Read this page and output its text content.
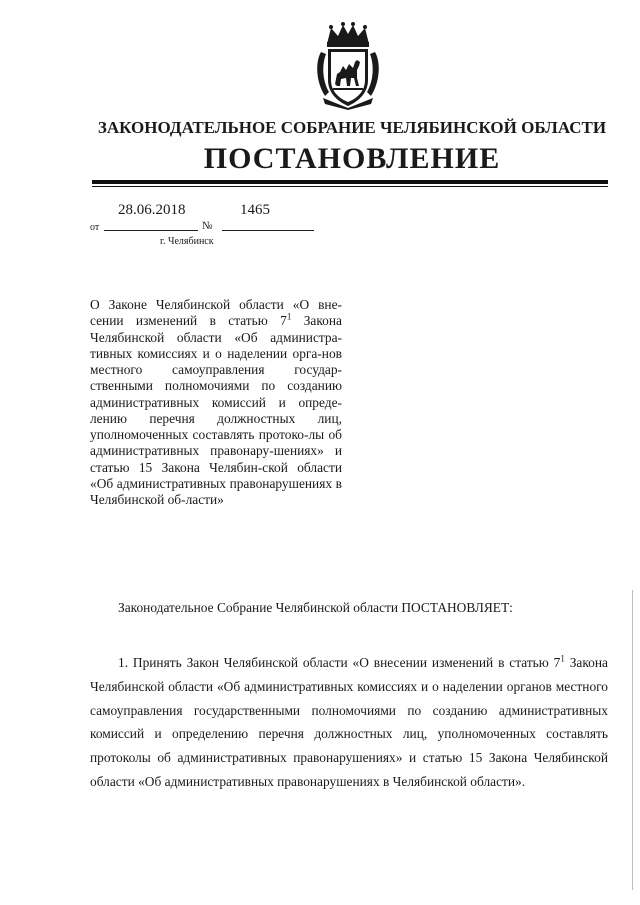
ЗАКОНОДАТЕЛЬНОЕ СОБРАНИЕ ЧЕЛЯБИНСКОЙ ОБЛАСТИ
ПОСТАНОВЛЕНИЕ
от
28.06.2018
№
1465
г. Челябинск
О Законе Челябинской области «О вне-сении изменений в статью $7^1$ Закона Челябинской области «Об администра-тивных комиссиях и о наделении орга-нов местного самоуправления государ-ственными полномочиями по созданию административных комиссий и опреде-лению перечня должностных лиц, уполномоченных составлять протоко-лы об административных правонару-шениях» и статью 15 Закона Челябин-ской области «Об административных правонарушениях в Челябинской об-ласти»
Законодательное Собрание Челябинской области ПОСТАНОВЛЯЕТ:

1. Принять Закон Челябинской области «О внесении изменений в статью $7^1$ Закона Челябинской области «Об административных комиссиях и о наделении органов местного самоуправления государственными полномочиями по созданию административных комиссий и определению перечня должностных лиц, уполномоченных составлять протоколы об административных правонарушениях» и статью 15 Закона Челябинской области «Об административных правонарушениях в Челябинской области».
